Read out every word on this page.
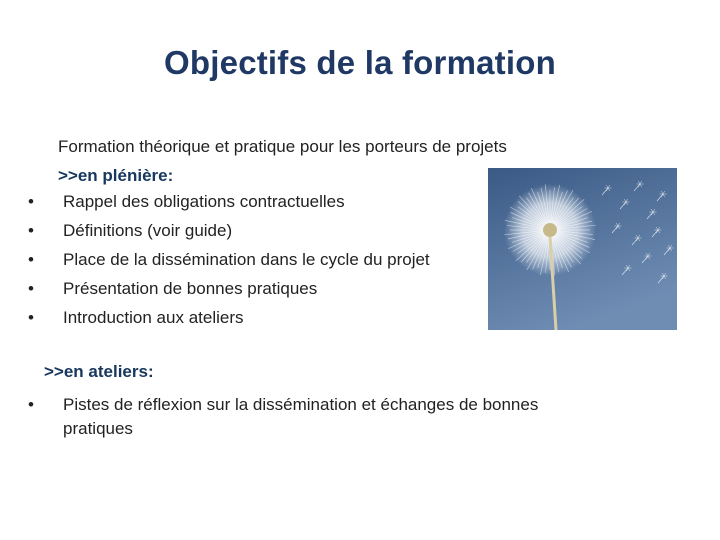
Objectifs de la formation
Formation théorique et pratique pour les porteurs de projets
>>en plénière:
• Rappel des obligations contractuelles
• Définitions (voir guide)
• Place de la dissémination dans le cycle du projet
• Présentation de bonnes pratiques
• Introduction aux ateliers
>>en ateliers:
•	Pistes de réflexion sur la dissémination et échanges de bonnes pratiques
